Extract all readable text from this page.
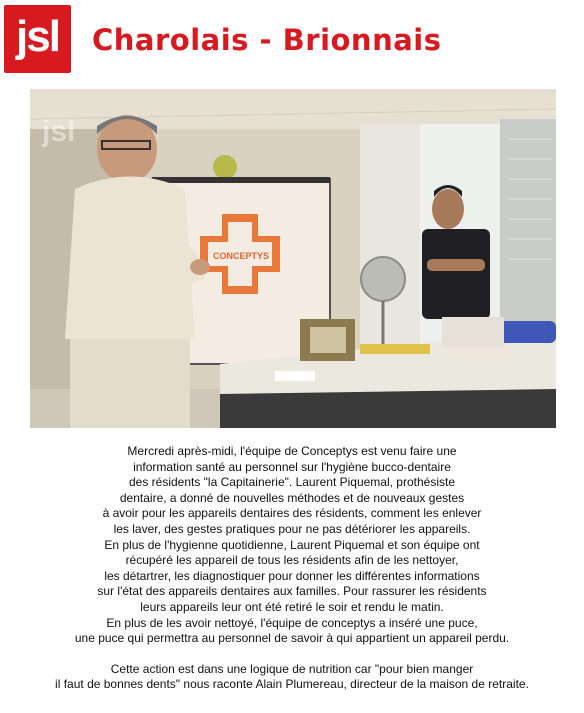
jsl	Charolais - Brionnais
CONCEPTYS
jsl

Mercredi après-midi, l'équipe de Conceptys est venu faire une

information santé au personnel sur l'hygiène bucco-dentaire

des résidents "la Capitainerie". Laurent Piquemal, prothésiste

dentaire, a donné de nouvelles méthodes et de nouveaux gestes

à avoir pour les appareils dentaires des résidents, comment les enlever

les laver, des gestes pratiques pour ne pas détériorer les appareils.

En plus de l'hygienne quotidienne, Laurent Piquemal et son équipe ont

récupéré les appareil de tous les résidents afin de les nettoyer,

les détartrer, les diagnostiquer pour donner les différentes informations

sur l'état des appareils dentaires aux familles. Pour rassurer les résidents

leurs appareils leur ont été retiré le soir et rendu le matin.

En plus de les avoir nettoyé, l'équipe de conceptys a inséré une puce,

une puce qui permettra au personnel de savoir à qui appartient un appareil perdu.

Cette action est dans une logique de nutrition car "pour bien manger

il faut de bonnes dents" nous raconte Alain Plumereau, directeur de la maison de retraite.
